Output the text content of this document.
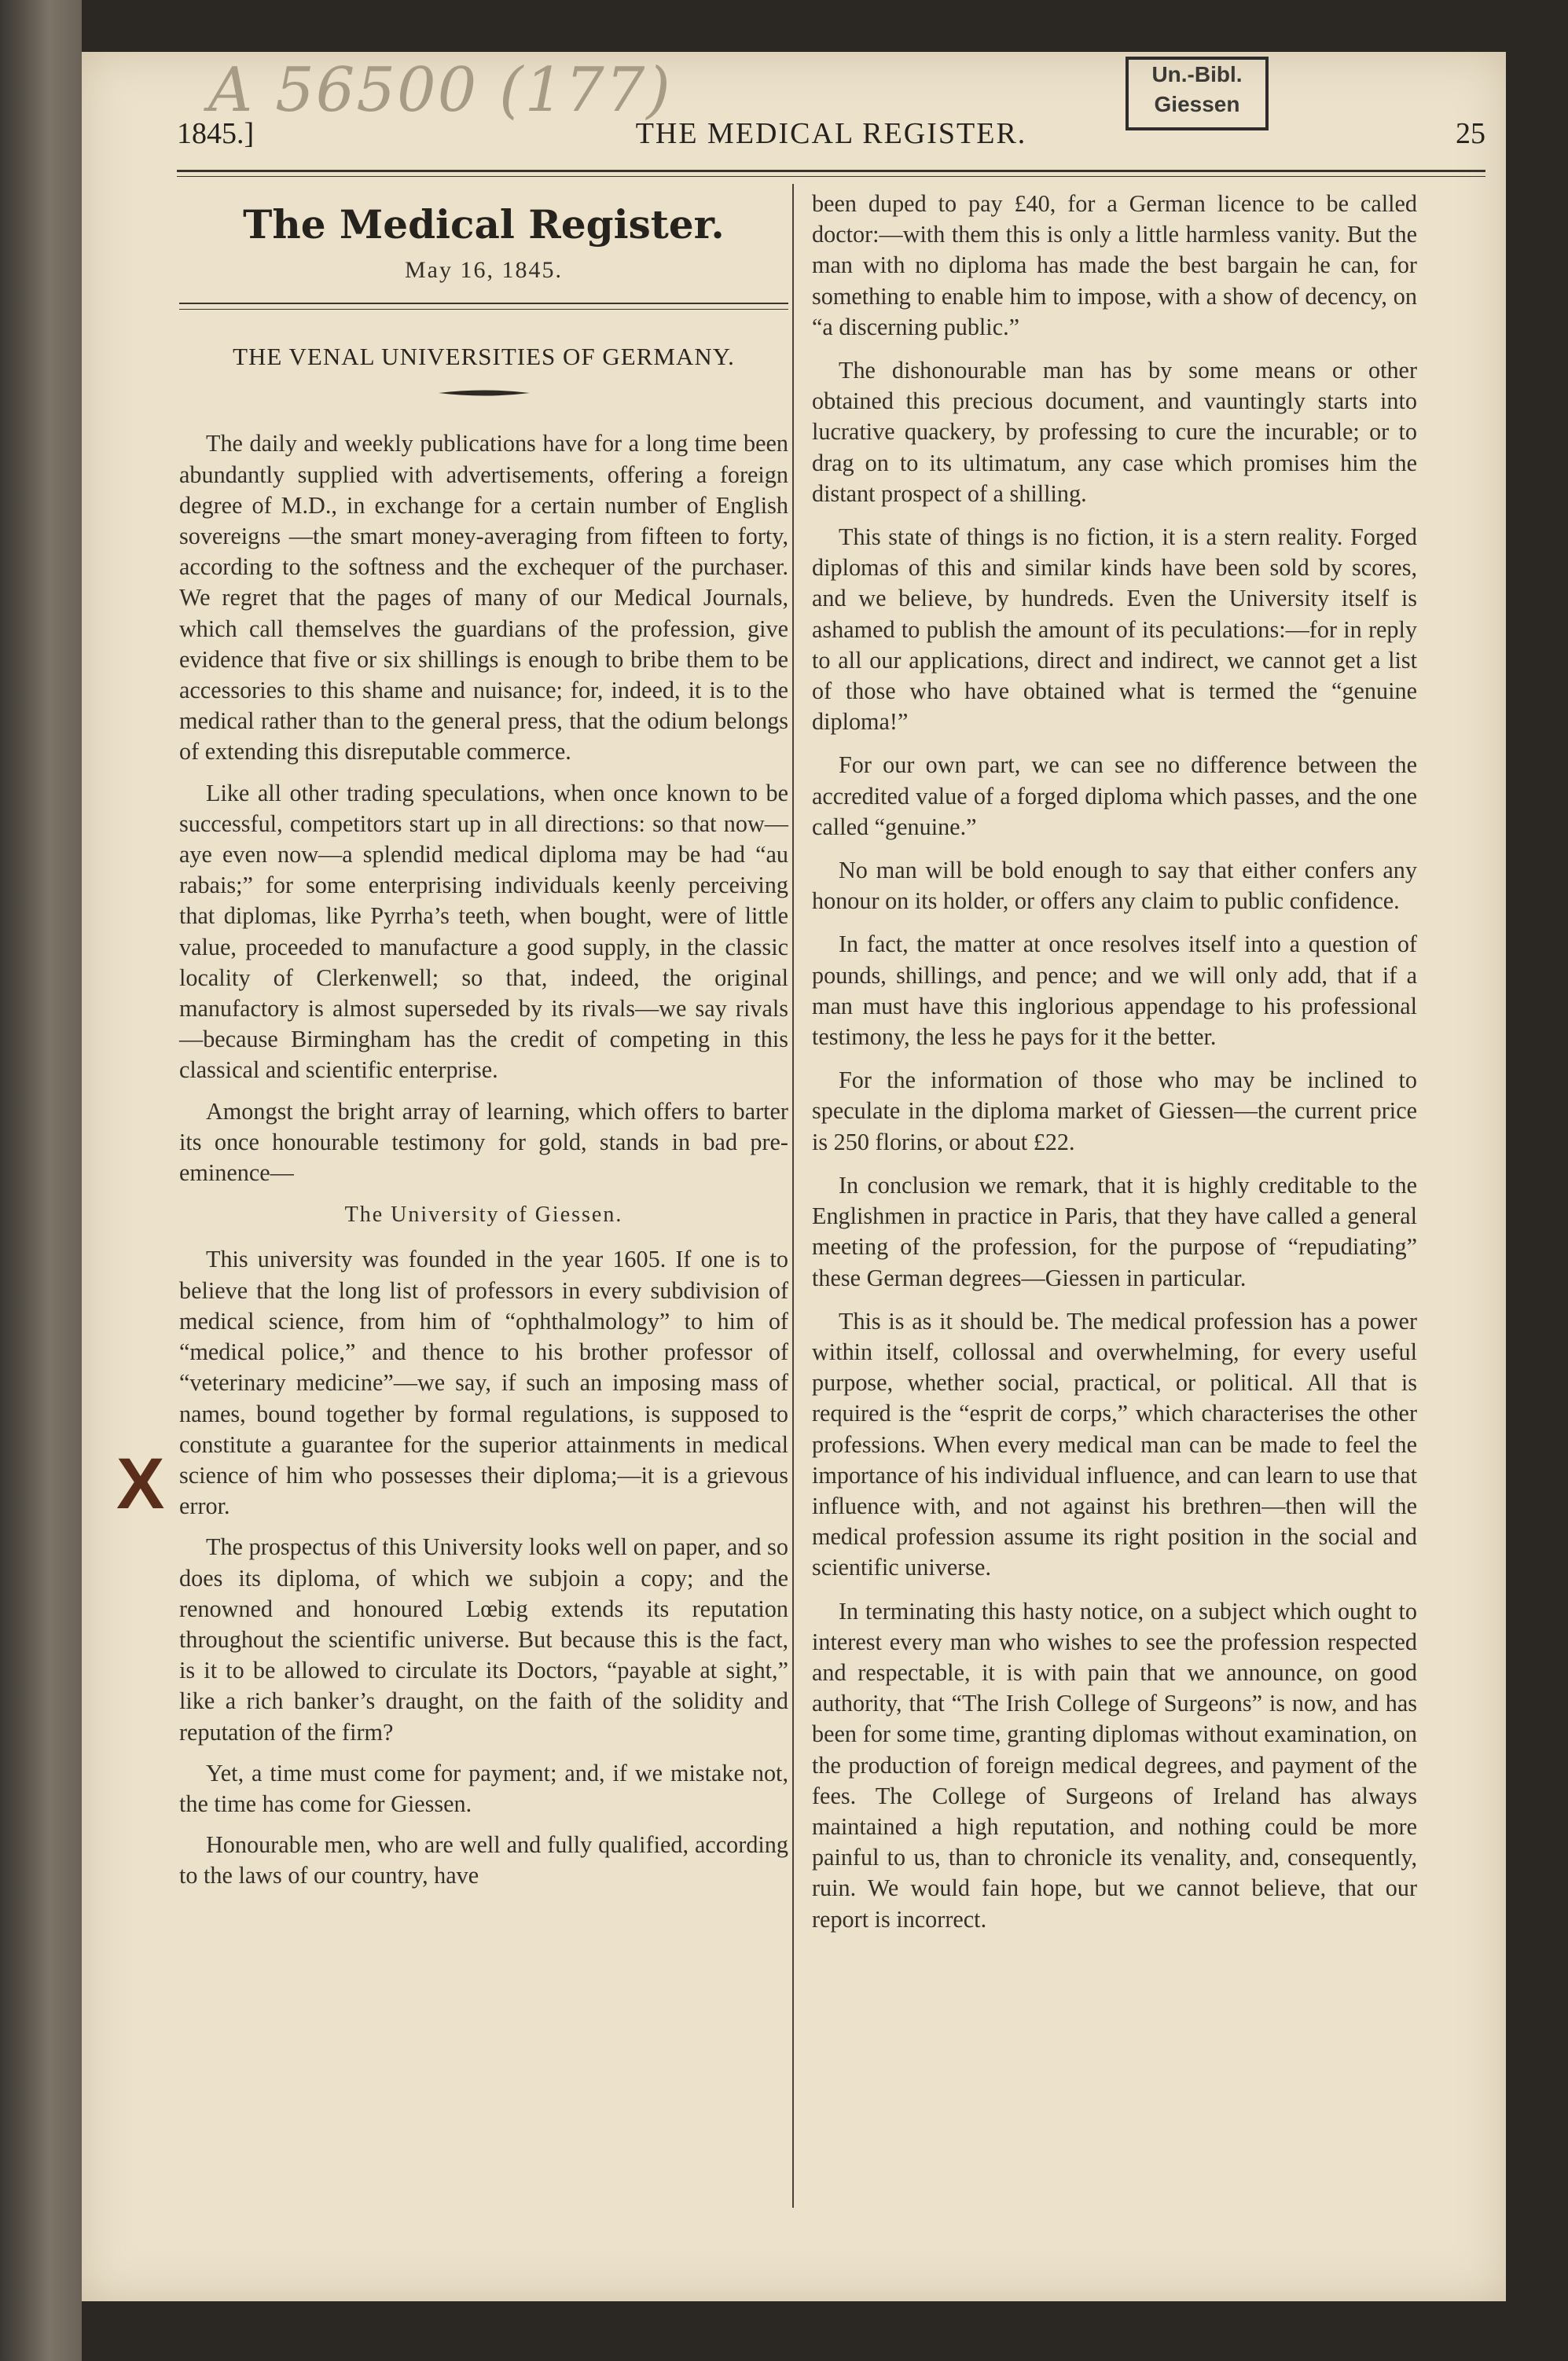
A 56500 (177)	Un.-Bibl.
Giessen
1845.]	THE MEDICAL REGISTER.	25
The Medical Register.
May 16, 1845.
THE VENAL UNIVERSITIES OF GERMANY.

The daily and weekly publications have for a long time been abundantly supplied with advertisements, offering a foreign degree of M.D., in exchange for a certain number of English sovereigns —the smart money-averaging from fifteen to forty, according to the softness and the exchequer of the purchaser. We regret that the pages of many of our Medical Journals, which call themselves the guardians of the profession, give evidence that five or six shillings is enough to bribe them to be accessories to this shame and nuisance; for, indeed, it is to the medical rather than to the general press, that the odium belongs of extending this disreputable commerce.

Like all other trading speculations, when once known to be successful, competitors start up in all directions: so that now—aye even now—a splendid medical diploma may be had “au rabais;” for some enterprising individuals keenly perceiving that diplomas, like Pyrrha’s teeth, when bought, were of little value, proceeded to manufacture a good supply, in the classic locality of Clerkenwell; so that, indeed, the original manufactory is almost superseded by its rivals—we say rivals—because Birmingham has the credit of competing in this classical and scientific enterprise.

Amongst the bright array of learning, which offers to barter its once honourable testimony for gold, stands in bad pre-eminence—

The University of Giessen.

This university was founded in the year 1605. If one is to believe that the long list of professors in every subdivision of medical science, from him of “ophthalmology” to him of “medical police,” and thence to his brother professor of “veterinary medicine”—we say, if such an imposing mass of names, bound together by formal regulations, is supposed to constitute a guarantee for the superior attainments in medical science of him who possesses their diploma;—it is a grievous error.

The prospectus of this University looks well on paper, and so does its diploma, of which we subjoin a copy; and the renowned and honoured Lœbig extends its reputation throughout the scientific universe. But because this is the fact, is it to be allowed to circulate its Doctors, “payable at sight,” like a rich banker’s draught, on the faith of the solidity and reputation of the firm?

Yet, a time must come for payment; and, if we mistake not, the time has come for Giessen.

Honourable men, who are well and fully qualified, according to the laws of our country, have

X

been duped to pay £40, for a German licence to be called doctor:—with them this is only a little harmless vanity. But the man with no diploma has made the best bargain he can, for something to enable him to impose, with a show of decency, on “a discerning public.”

The dishonourable man has by some means or other obtained this precious document, and vauntingly starts into lucrative quackery, by professing to cure the incurable; or to drag on to its ultimatum, any case which promises him the distant prospect of a shilling.

This state of things is no fiction, it is a stern reality. Forged diplomas of this and similar kinds have been sold by scores, and we believe, by hundreds. Even the University itself is ashamed to publish the amount of its peculations:—for in reply to all our applications, direct and indirect, we cannot get a list of those who have obtained what is termed the “genuine diploma!”

For our own part, we can see no difference between the accredited value of a forged diploma which passes, and the one called “genuine.”

No man will be bold enough to say that either confers any honour on its holder, or offers any claim to public confidence.

In fact, the matter at once resolves itself into a question of pounds, shillings, and pence; and we will only add, that if a man must have this inglorious appendage to his professional testimony, the less he pays for it the better.

For the information of those who may be inclined to speculate in the diploma market of Giessen—the current price is 250 florins, or about £22.

In conclusion we remark, that it is highly creditable to the Englishmen in practice in Paris, that they have called a general meeting of the profession, for the purpose of “repudiating” these German degrees—Giessen in particular.

This is as it should be. The medical profession has a power within itself, collossal and overwhelming, for every useful purpose, whether social, practical, or political. All that is required is the “esprit de corps,” which characterises the other professions. When every medical man can be made to feel the importance of his individual influence, and can learn to use that influence with, and not against his brethren—then will the medical profession assume its right position in the social and scientific universe.

In terminating this hasty notice, on a subject which ought to interest every man who wishes to see the profession respected and respectable, it is with pain that we announce, on good authority, that “The Irish College of Surgeons” is now, and has been for some time, granting diplomas without examination, on the production of foreign medical degrees, and payment of the fees. The College of Surgeons of Ireland has always maintained a high reputation, and nothing could be more painful to us, than to chronicle its venality, and, consequently, ruin. We would fain hope, but we cannot believe, that our report is incorrect.
